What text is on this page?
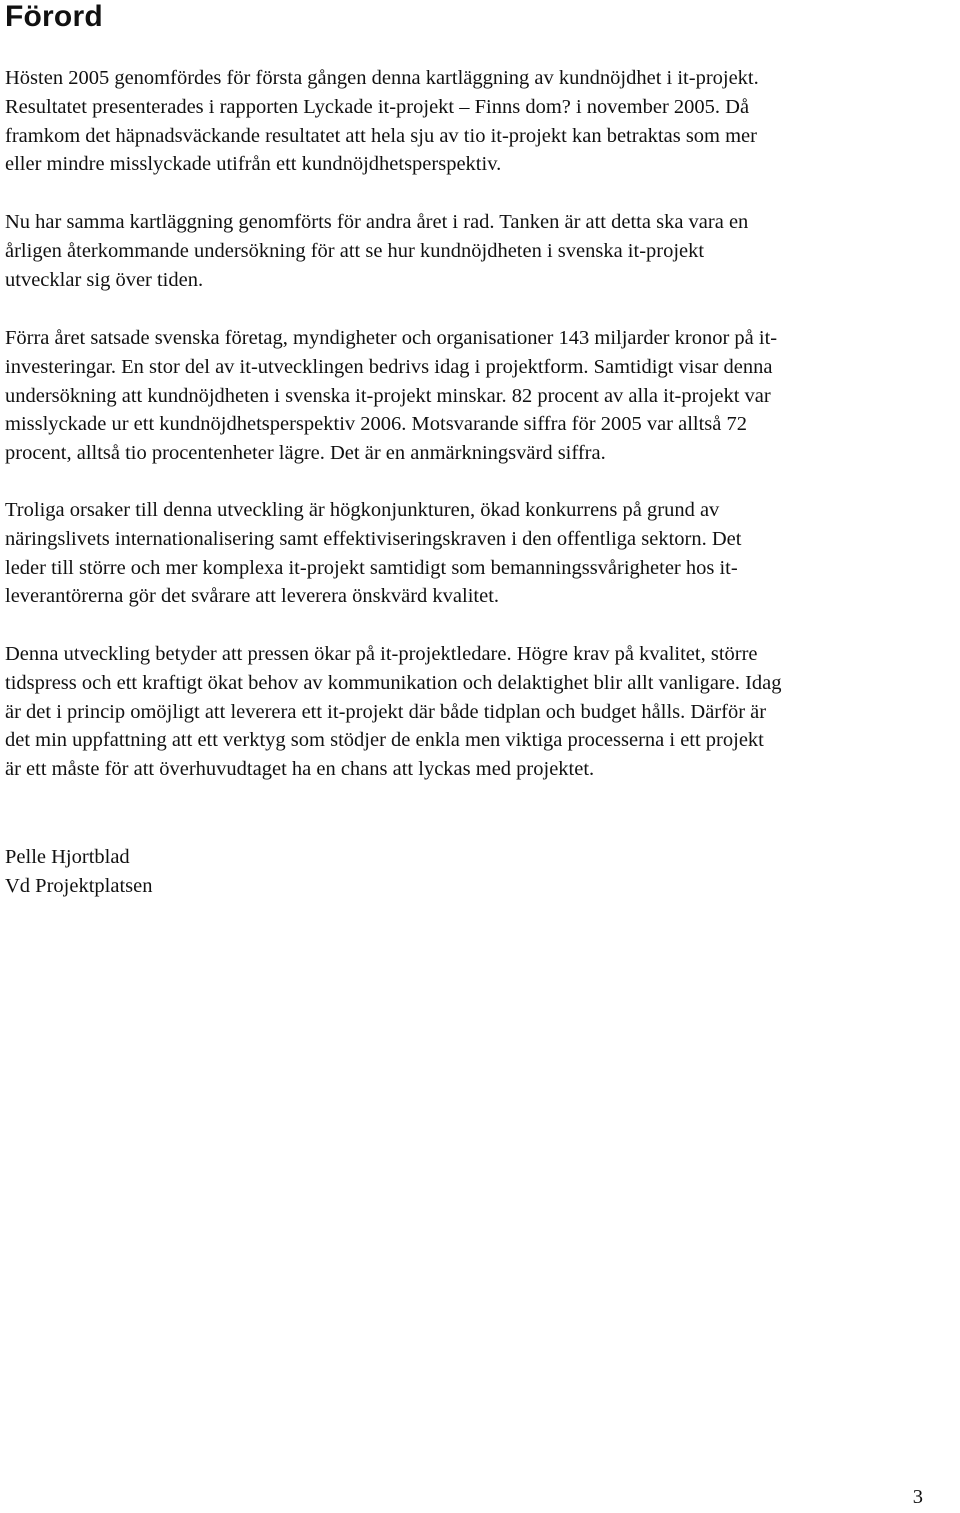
Förord

Hösten 2005 genomfördes för första gången denna kartläggning av kundnöjdhet i it-projekt.
Resultatet presenterades i rapporten Lyckade it-projekt – Finns dom? i november 2005. Då
framkom det häpnadsväckande resultatet att hela sju av tio it-projekt kan betraktas som mer
eller mindre misslyckade utifrån ett kundnöjdhetsperspektiv.

Nu har samma kartläggning genomförts för andra året i rad. Tanken är att detta ska vara en
årligen återkommande undersökning för att se hur kundnöjdheten i svenska it-projekt
utvecklar sig över tiden.

Förra året satsade svenska företag, myndigheter och organisationer 143 miljarder kronor på it-
investeringar. En stor del av it-utvecklingen bedrivs idag i projektform. Samtidigt visar denna
undersökning att kundnöjdheten i svenska it-projekt minskar. 82 procent av alla it-projekt var
misslyckade ur ett kundnöjdhetsperspektiv 2006. Motsvarande siffra för 2005 var alltså 72
procent, alltså tio procentenheter lägre. Det är en anmärkningsvärd siffra.

Troliga orsaker till denna utveckling är högkonjunkturen, ökad konkurrens på grund av
näringslivets internationalisering samt effektiviseringskraven i den offentliga sektorn. Det
leder till större och mer komplexa it-projekt samtidigt som bemanningssvårigheter hos it-
leverantörerna gör det svårare att leverera önskvärd kvalitet.

Denna utveckling betyder att pressen ökar på it-projektledare. Högre krav på kvalitet, större
tidspress och ett kraftigt ökat behov av kommunikation och delaktighet blir allt vanligare. Idag
är det i princip omöjligt att leverera ett it-projekt där både tidplan och budget hålls. Därför är
det min uppfattning att ett verktyg som stödjer de enkla men viktiga processerna i ett projekt
är ett måste för att överhuvudtaget ha en chans att lyckas med projektet.

Pelle Hjortblad
Vd Projektplatsen

3
